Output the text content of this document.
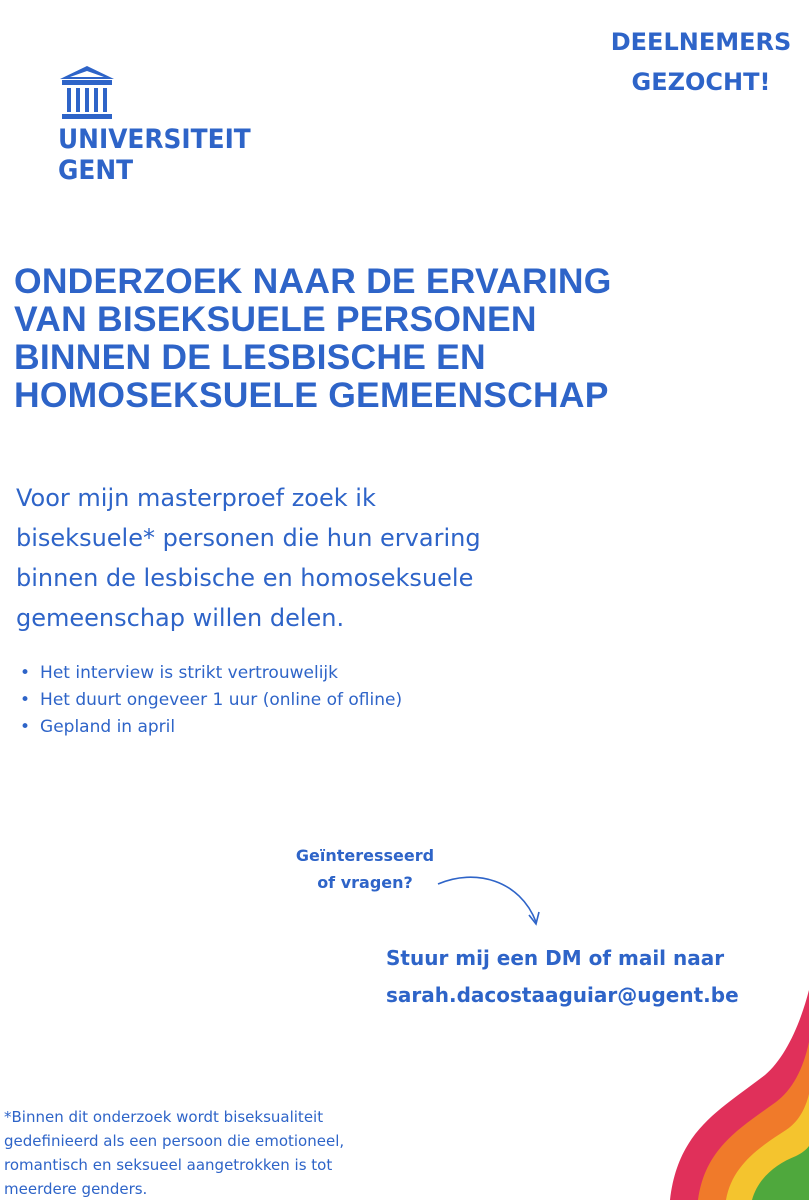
DEELNEMERS
GEZOCHT!
UNIVERSITEIT
GENT
ONDERZOEK NAAR DE ERVARING
VAN BISEKSUELE PERSONEN
BINNEN DE LESBISCHE EN
HOMOSEKSUELE GEMEENSCHAP
Voor mijn masterproef zoek ik
biseksuele* personen die hun ervaring
binnen de lesbische en homoseksuele
gemeenschap willen delen.
• Het interview is strikt vertrouwelijk
• Het duurt ongeveer 1 uur (online of ofline)
• Gepland in april
Geïnteresseerd
of vragen?
Stuur mij een DM of mail naar
sarah.dacostaaguiar@ugent.be
*Binnen dit onderzoek wordt biseksualiteit
gedefinieerd als een persoon die emotioneel,
romantisch en seksueel aangetrokken is tot
meerdere genders.
